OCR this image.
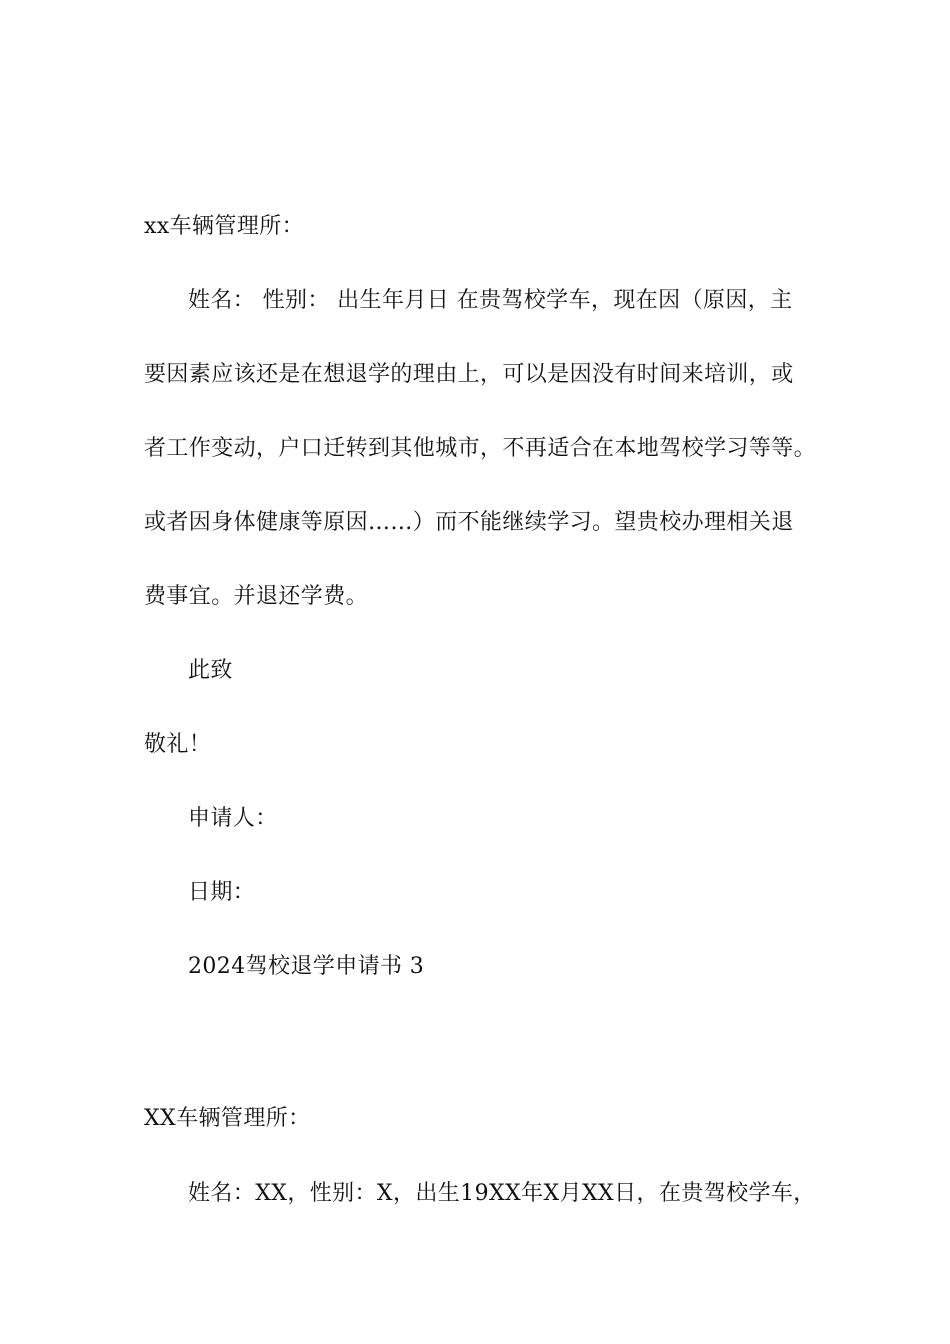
xx车辆管理所：
姓名： 性别： 出生年月日 在贵驾校学车，现在因（原因，主
要因素应该还是在想退学的理由上，可以是因没有时间来培训，或
者工作变动，户口迁转到其他城市，不再适合在本地驾校学习等等。
或者因身体健康等原因……）而不能继续学习。望贵校办理相关退
费事宜。并退还学费。
此致
敬礼！
申请人：
日期：
2024驾校退学申请书 3
XX车辆管理所：
姓名：XX，性别：X，出生19XX年X月XX日，在贵驾校学车，
